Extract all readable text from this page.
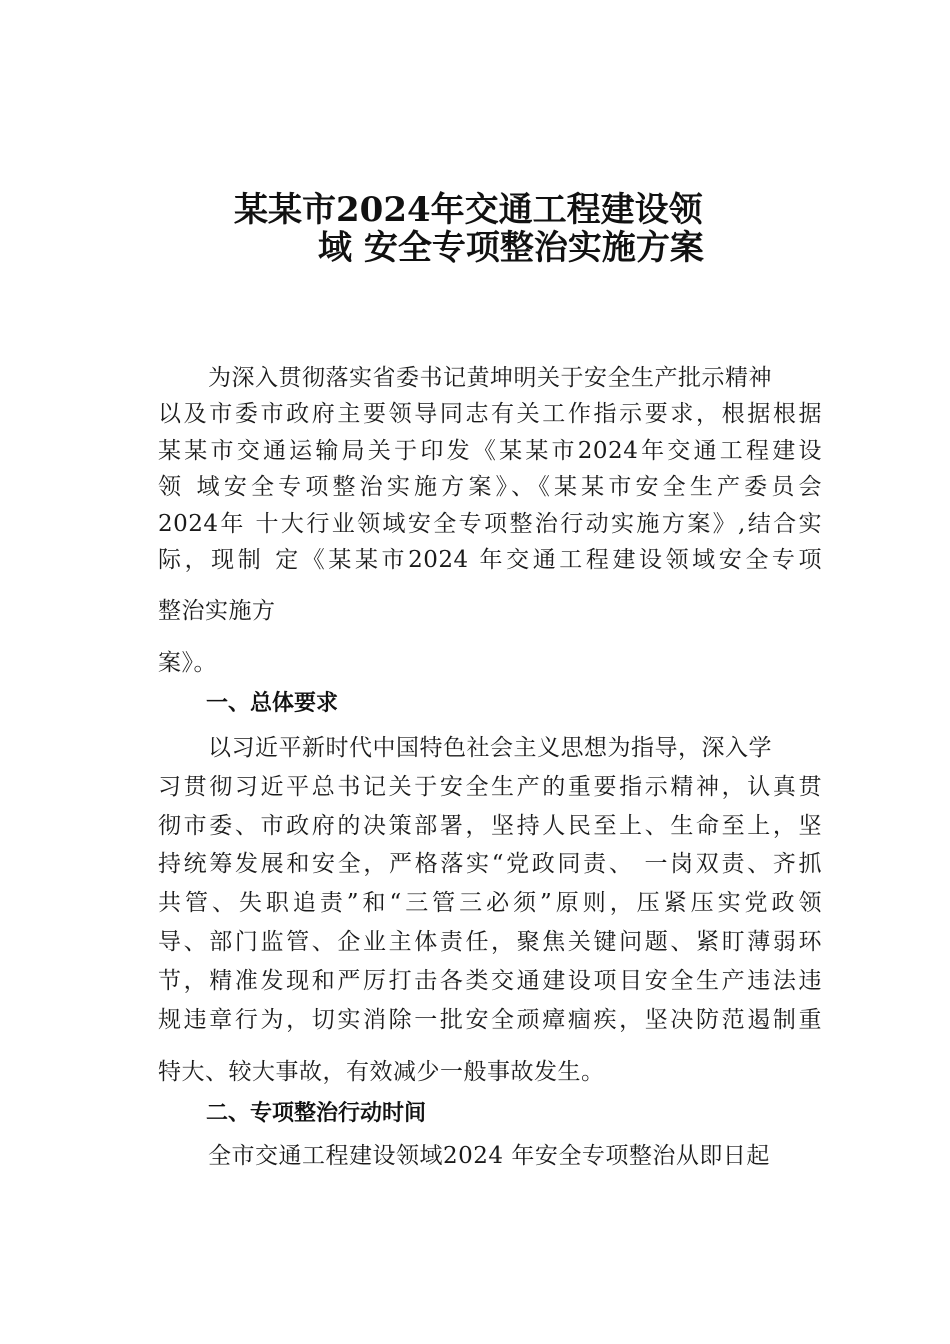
某某市2024年交通工程建设领
域 安全专项整治实施方案
为深入贯彻落实省委书记黄坤明关于安全生产批示精神
以及市委市政府主要领导同志有关工作指示要求，根据根据
某某市交通运输局关于印发《某某市2024年交通工程建设
领 域安全专项整治实施方案》、《某某市安全生产委员会
2024年 十大行业领域安全专项整治行动实施方案》,结合实
际，现制 定《某某市2024 年交通工程建设领域安全专项
整治实施方
案》。
一、总体要求
以习近平新时代中国特色社会主义思想为指导，深入学
习贯彻习近平总书记关于安全生产的重要指示精神，认真贯
彻市委、市政府的决策部署，坚持人民至上、生命至上，坚
持统筹发展和安全，严格落实“党政同责、 一岗双责、齐抓
共管、失职追责”和“三管三必须”原则，压紧压实党政领
导、部门监管、企业主体责任，聚焦关键问题、紧盯薄弱环
节，精准发现和严厉打击各类交通建设项目安全生产违法违
规违章行为，切实消除一批安全顽瘴痼疾，坚决防范遏制重
特大、较大事故，有效减少一般事故发生。
二、专项整治行动时间
全市交通工程建设领域2024 年安全专项整治从即日起
